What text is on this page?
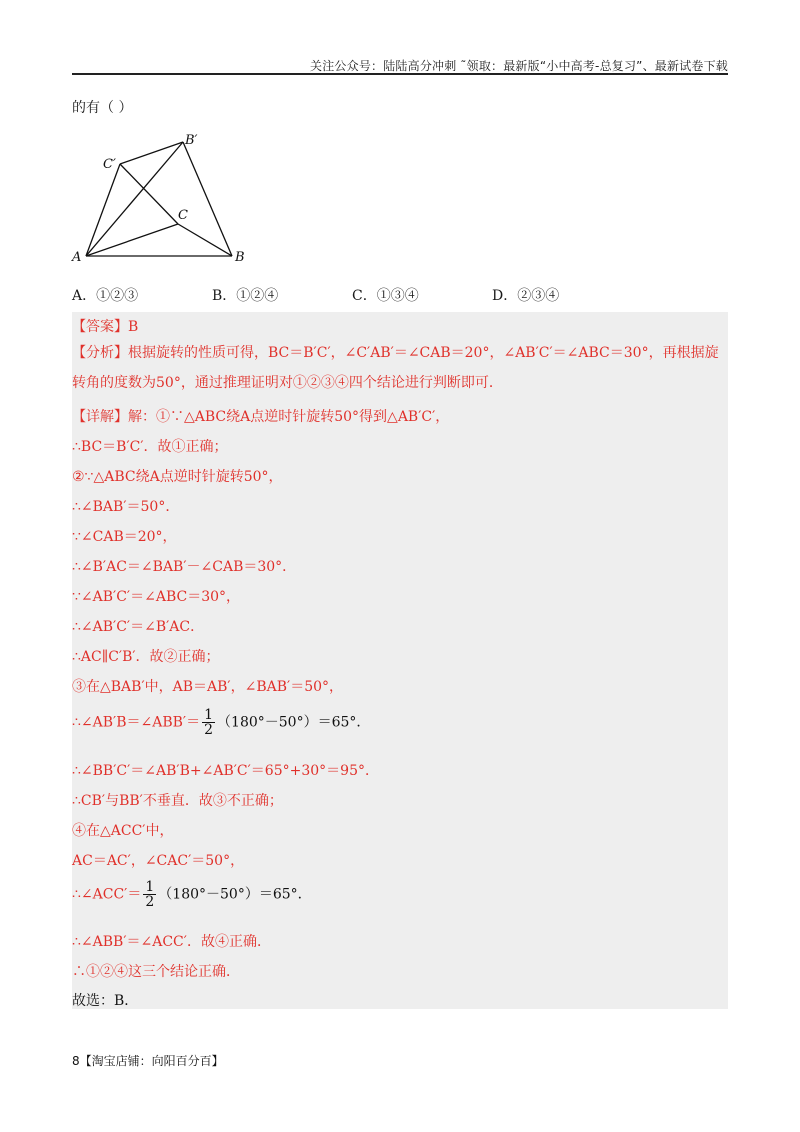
关注公众号：陆陆高分冲刺 ˜领取：最新版“小中高考-总复习”、最新试卷下载
的有（ ）
A	B
C
B′
C′
A．①②③	B．①②④	C．①③④	D．②③④
【答案】B
【分析】根据旋转的性质可得，BC＝B′C′，∠C′AB′＝∠CAB＝20°，∠AB′C′＝∠ABC＝30°，再根据旋转角的度数为50°，通过推理证明对①②③④四个结论进行判断即可．
【详解】解：①∵△ABC绕A点逆时针旋转50°得到△AB′C′，
∴BC＝B′C′．故①正确；
②∵△ABC绕A点逆时针旋转50°，
∴∠BAB′＝50°．
∵∠CAB＝20°，
∴∠B′AC＝∠BAB′－∠CAB＝30°．
∵∠AB′C′＝∠ABC＝30°，
∴∠AB′C′＝∠B′AC．
∴AC∥C′B′．故②正确；
③在△BAB′中，AB＝AB′，∠BAB′＝50°，
∴∠AB′B＝∠ABB′＝ $\frac{1}{2} (180^\circ-50^\circ)=65^\circ$．
∴∠BB′C′＝∠AB′B+∠AB′C′＝65°+30°＝95°．
∴CB′与BB′不垂直．故③不正确；
④在△ACC′中，
AC＝AC′，∠CAC′＝50°，
∴∠ACC′＝ $\frac{1}{2} (180^\circ-50^\circ)=65^\circ$．
∴∠ABB′＝∠ACC′．故④正确．
∴①②④这三个结论正确．
故选：B．
8【淘宝店铺：向阳百分百】
